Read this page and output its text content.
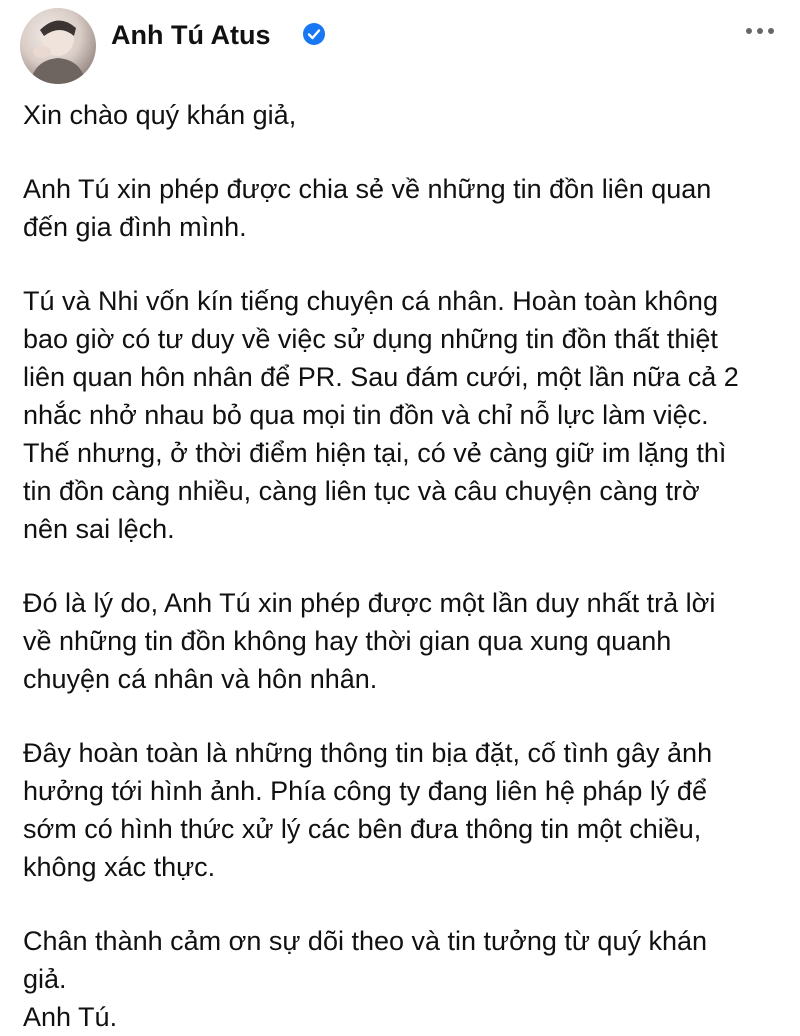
Anh Tú Atus

Xin chào quý khán giả,

Anh Tú xin phép được chia sẻ về những tin đồn liên quan
đến gia đình mình.

Tú và Nhi vốn kín tiếng chuyện cá nhân. Hoàn toàn không
bao giờ có tư duy về việc sử dụng những tin đồn thất thiệt
liên quan hôn nhân để PR. Sau đám cưới, một lần nữa cả 2
nhắc nhở nhau bỏ qua mọi tin đồn và chỉ nỗ lực làm việc.
Thế nhưng, ở thời điểm hiện tại, có vẻ càng giữ im lặng thì
tin đồn càng nhiều, càng liên tục và câu chuyện càng trờ
nên sai lệch.

Đó là lý do, Anh Tú xin phép được một lần duy nhất trả lời
về những tin đồn không hay thời gian qua xung quanh
chuyện cá nhân và hôn nhân.

Đây hoàn toàn là những thông tin bịa đặt, cố tình gây ảnh
hưởng tới hình ảnh. Phía công ty đang liên hệ pháp lý để
sớm có hình thức xử lý các bên đưa thông tin một chiều,
không xác thực.

Chân thành cảm ơn sự dõi theo và tin tưởng từ quý khán
giả.
Anh Tú.
